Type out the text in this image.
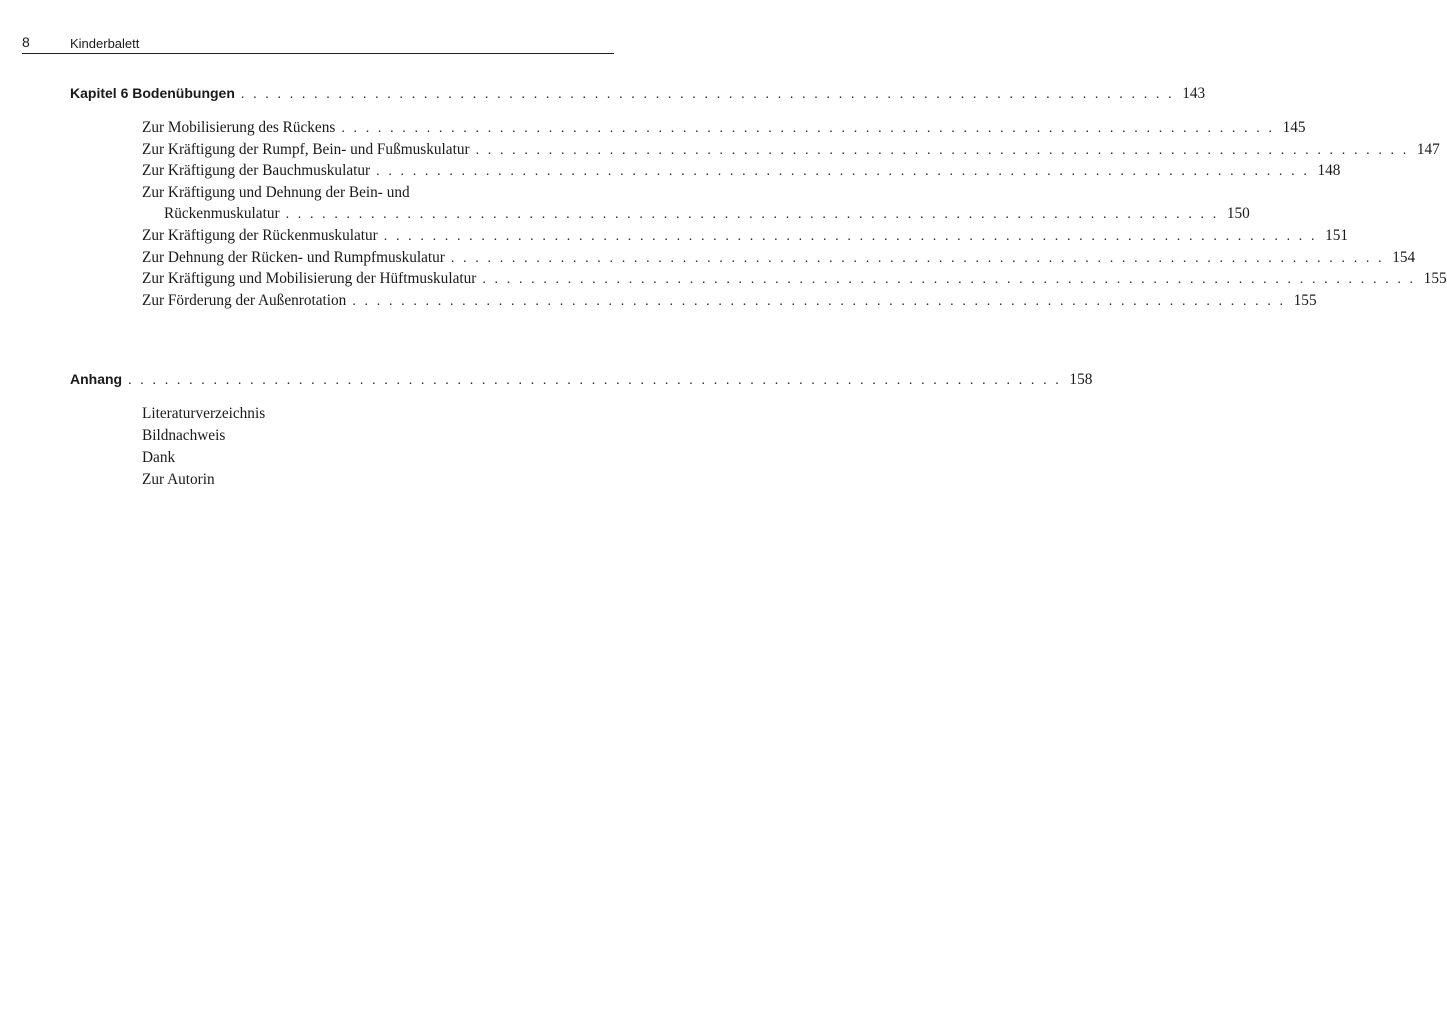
8	Kinderbalett
Kapitel 6 Bodenübungen . . . . . . . . . . . . . . . . . . . . . . . . . . . . . . . . . . . . . . . . . . . . . . . . . . . . . . . . . . . . . . . . . . . . . . . . . . . . . 143
Zur Mobilisierung des Rückens . . . . . . . . . . . . . . . . . . . . . . . . . . . . . . . . . . . . . . . . . . . . . . . . . . . . . . . . . . . . . . . . . . . . . . . . . . . . . 145
Zur Kräftigung der Rumpf, Bein- und Fußmuskulatur . . . . . . . . . . . . . . . . . . . . . . . . . . . . . . . . . . . . . . . . . . . . . . . . . . . . . . . . . . . . . . . . . . . . . . . . . . . . . 147
Zur Kräftigung der Bauchmuskulatur . . . . . . . . . . . . . . . . . . . . . . . . . . . . . . . . . . . . . . . . . . . . . . . . . . . . . . . . . . . . . . . . . . . . . . . . . . . . . 148
Zur Kräftigung und Dehnung der Bein- und
Rückenmuskulatur . . . . . . . . . . . . . . . . . . . . . . . . . . . . . . . . . . . . . . . . . . . . . . . . . . . . . . . . . . . . . . . . . . . . . . . . . . . . . 150
Zur Kräftigung der Rückenmuskulatur . . . . . . . . . . . . . . . . . . . . . . . . . . . . . . . . . . . . . . . . . . . . . . . . . . . . . . . . . . . . . . . . . . . . . . . . . . . . . 151
Zur Dehnung der Rücken- und Rumpfmuskulatur . . . . . . . . . . . . . . . . . . . . . . . . . . . . . . . . . . . . . . . . . . . . . . . . . . . . . . . . . . . . . . . . . . . . . . . . . . . . . 154
Zur Kräftigung und Mobilisierung der Hüftmuskulatur . . . . . . . . . . . . . . . . . . . . . . . . . . . . . . . . . . . . . . . . . . . . . . . . . . . . . . . . . . . . . . . . . . . . . . . . . . . . . 155
Zur Förderung der Außenrotation . . . . . . . . . . . . . . . . . . . . . . . . . . . . . . . . . . . . . . . . . . . . . . . . . . . . . . . . . . . . . . . . . . . . . . . . . . . . . 155
Anhang . . . . . . . . . . . . . . . . . . . . . . . . . . . . . . . . . . . . . . . . . . . . . . . . . . . . . . . . . . . . . . . . . . . . . . . . . . . . . 158
Literaturverzeichnis
Bildnachweis
Dank
Zur Autorin
